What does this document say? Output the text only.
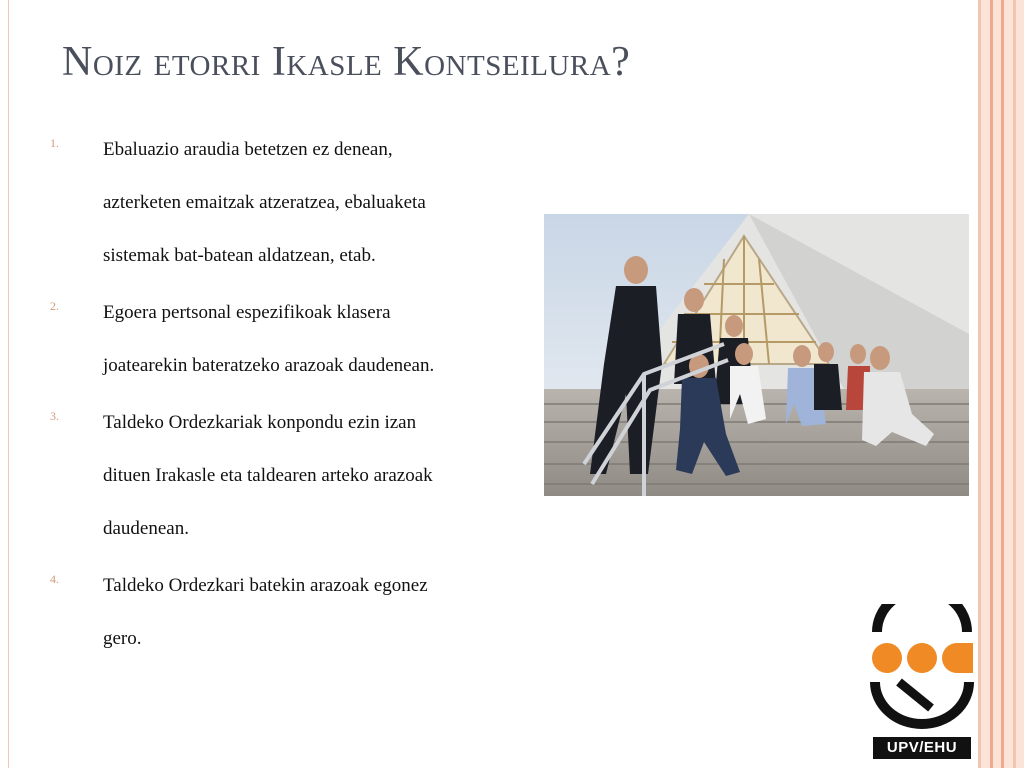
Noiz etorri Ikasle Kontseilura?
1. Ebaluazio araudia betetzen ez denean,
azterketen emaitzak atzeratzea, ebaluaketa
sistemak bat-batean aldatzean, etab.
2. Egoera pertsonal espezifikoak klasera
joatearekin bateratzeko arazoak daudenean.
3. Taldeko Ordezkariak konpondu ezin izan
dituen Irakasle eta taldearen arteko arazoak
daudenean.
4. Taldeko Ordezkari batekin arazoak egonez
gero.
UPV/EHU
